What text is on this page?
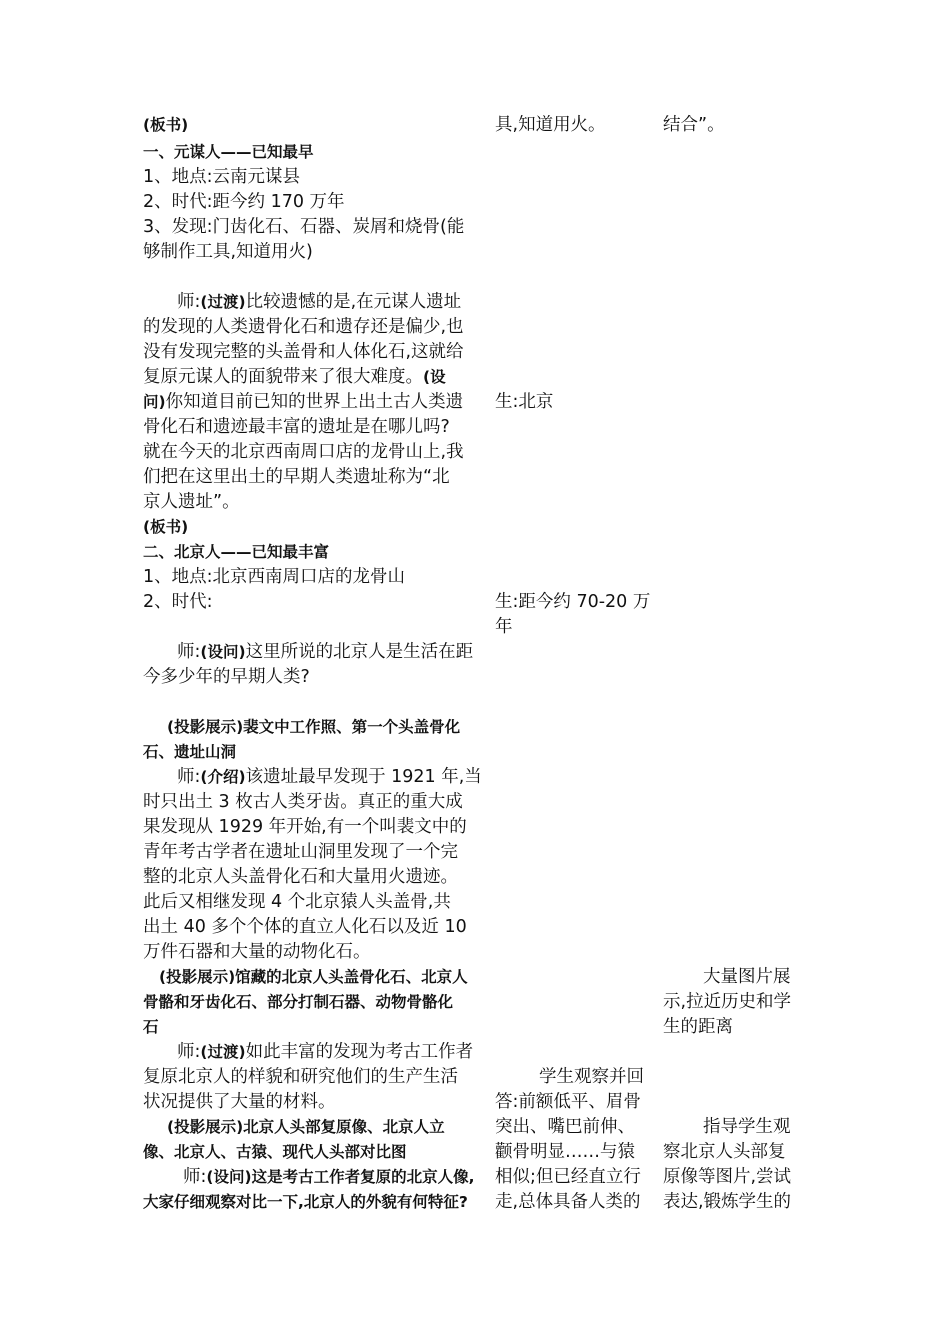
(板书)
一、元谋人——已知最早
1、地点:云南元谋县
2、时代:距今约 170 万年
3、发现:门齿化石、石器、炭屑和烧骨(能
够制作工具,知道用火)
师:(过渡)比较遗憾的是,在元谋人遗址
的发现的人类遗骨化石和遗存还是偏少,也
没有发现完整的头盖骨和人体化石,这就给
复原元谋人的面貌带来了很大难度。(设
问)你知道目前已知的世界上出土古人类遗
骨化石和遗迹最丰富的遗址是在哪儿吗?
就在今天的北京西南周口店的龙骨山上,我
们把在这里出土的早期人类遗址称为“北
京人遗址”。
(板书)
二、北京人——已知最丰富
1、地点:北京西南周口店的龙骨山
2、时代:
师:(设问)这里所说的北京人是生活在距
今多少年的早期人类?
(投影展示)裴文中工作照、第一个头盖骨化
石、遗址山洞
师:(介绍)该遗址最早发现于 1921 年,当
时只出土 3 枚古人类牙齿。真正的重大成
果发现从 1929 年开始,有一个叫裴文中的
青年考古学者在遗址山洞里发现了一个完
整的北京人头盖骨化石和大量用火遗迹。
此后又相继发现 4 个北京猿人头盖骨,共
出土 40 多个个体的直立人化石以及近 10
万件石器和大量的动物化石。
(投影展示)馆藏的北京人头盖骨化石、北京人
骨骼和牙齿化石、部分打制石器、动物骨骼化
石
师:(过渡)如此丰富的发现为考古工作者
复原北京人的样貌和研究他们的生产生活
状况提供了大量的材料。
(投影展示)北京人头部复原像、北京人立
像、北京人、古猿、现代人头部对比图
师:(设问)这是考古工作者复原的北京人像,
大家仔细观察对比一下,北京人的外貌有何特征?
具,知道用火。
生:北京
生:距今约 70-20 万
年
学生观察并回
答:前额低平、眉骨
突出、嘴巴前伸、
颧骨明显……与猿
相似;但已经直立行
走,总体具备人类的
结合”。
大量图片展
示,拉近历史和学
生的距离
指导学生观
察北京人头部复
原像等图片,尝试
表达,锻炼学生的
